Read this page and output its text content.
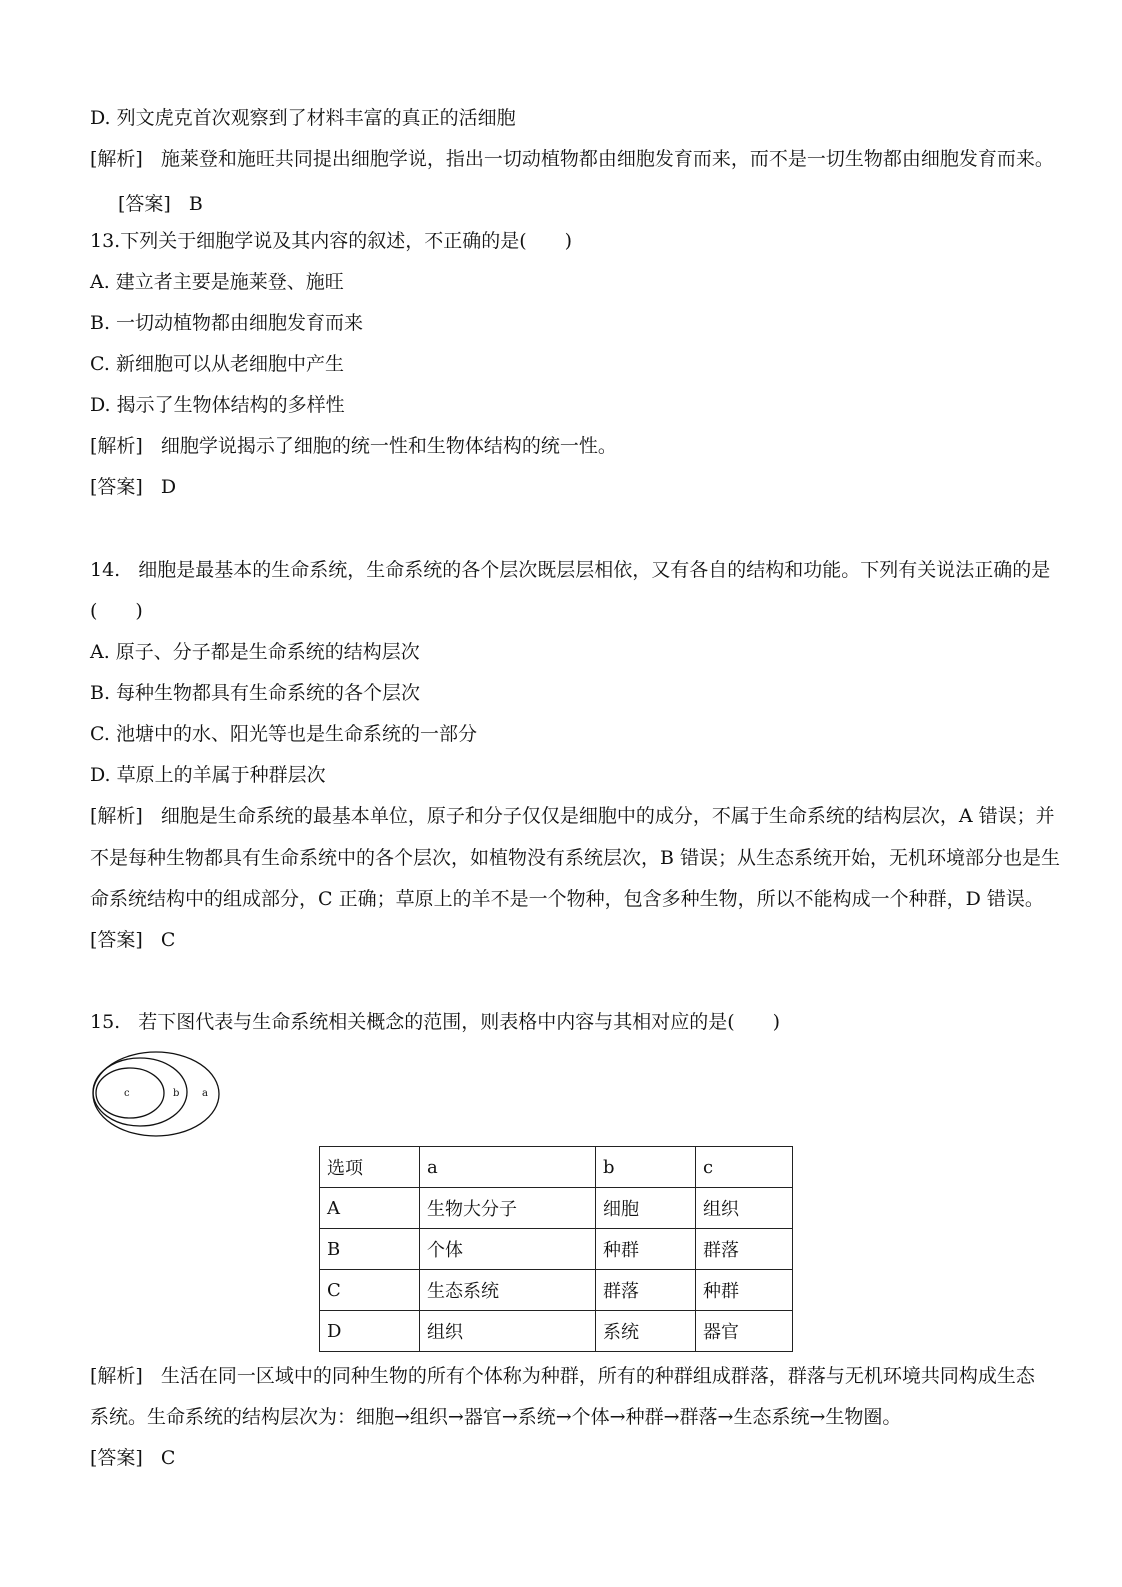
D. 列文虎克首次观察到了材料丰富的真正的活细胞
[解析] 施莱登和施旺共同提出细胞学说，指出一切动植物都由细胞发育而来，而不是一切生物都由细胞发育而来。
[答案] B
13.下列关于细胞学说及其内容的叙述，不正确的是(　　)
A. 建立者主要是施莱登、施旺
B. 一切动植物都由细胞发育而来
C. 新细胞可以从老细胞中产生
D. 揭示了生物体结构的多样性
[解析] 细胞学说揭示了细胞的统一性和生物体结构的统一性。
[答案] D
14. 细胞是最基本的生命系统，生命系统的各个层次既层层相依，又有各自的结构和功能。下列有关说法正确的是
(　　)
A. 原子、分子都是生命系统的结构层次
B. 每种生物都具有生命系统的各个层次
C. 池塘中的水、阳光等也是生命系统的一部分
D. 草原上的羊属于种群层次
[解析] 细胞是生命系统的最基本单位，原子和分子仅仅是细胞中的成分，不属于生命系统的结构层次，A 错误；并
不是每种生物都具有生命系统中的各个层次，如植物没有系统层次，B 错误；从生态系统开始，无机环境部分也是生
命系统结构中的组成部分，C 正确；草原上的羊不是一个物种，包含多种生物，所以不能构成一个种群，D 错误。
[答案] C
15. 若下图代表与生命系统相关概念的范围，则表格中内容与其相对应的是(　　)
c	b a
选项	a	b	c
A	生物大分子	细胞	组织
B	个体	种群	群落
C	生态系统	群落	种群
D	组织	系统	器官
[解析] 生活在同一区域中的同种生物的所有个体称为种群，所有的种群组成群落，群落与无机环境共同构成生态
系统。生命系统的结构层次为：细胞→组织→器官→系统→个体→种群→群落→生态系统→生物圈。
[答案] C
